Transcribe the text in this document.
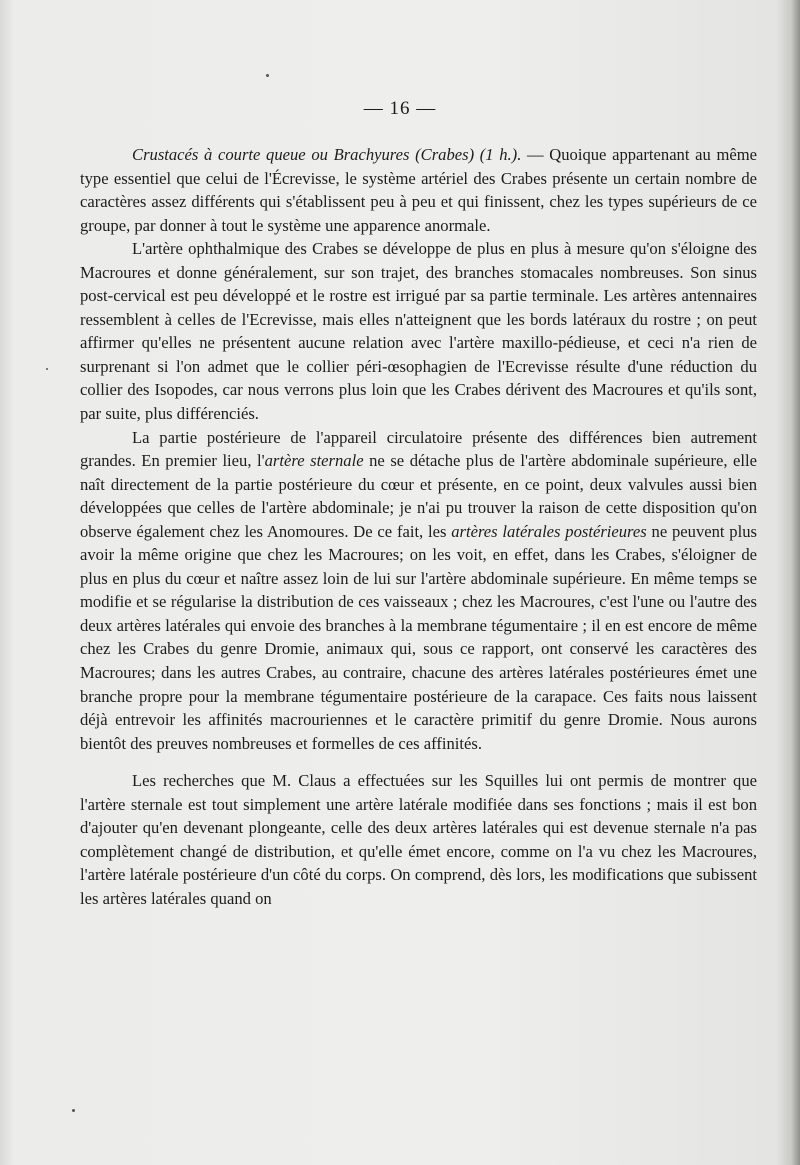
— 16 —

Crustacés à courte queue ou Brachyures (Crabes) (1 h.). — Quoique appartenant au même type essentiel que celui de l'Écrevisse, le système artériel des Crabes présente un certain nombre de caractères assez différents qui s'établissent peu à peu et qui finissent, chez les types supérieurs de ce groupe, par donner à tout le système une apparence anormale.

L'artère ophthalmique des Crabes se développe de plus en plus à mesure qu'on s'éloigne des Macroures et donne généralement, sur son trajet, des branches stomacales nombreuses. Son sinus post-cervical est peu développé et le rostre est irrigué par sa partie terminale. Les artères antennaires ressemblent à celles de l'Ecrevisse, mais elles n'atteignent que les bords latéraux du rostre ; on peut affirmer qu'elles ne présentent aucune relation avec l'artère maxillo-pédieuse, et ceci n'a rien de surprenant si l'on admet que le collier péri-œsophagien de l'Ecrevisse résulte d'une réduction du collier des Isopodes, car nous verrons plus loin que les Crabes dérivent des Macroures et qu'ils sont, par suite, plus différenciés.

La partie postérieure de l'appareil circulatoire présente des différences bien autrement grandes. En premier lieu, l'artère sternale ne se détache plus de l'artère abdominale supérieure, elle naît directement de la partie postérieure du cœur et présente, en ce point, deux valvules aussi bien développées que celles de l'artère abdominale; je n'ai pu trouver la raison de cette disposition qu'on observe également chez les Anomoures. De ce fait, les artères latérales postérieures ne peuvent plus avoir la même origine que chez les Macroures; on les voit, en effet, dans les Crabes, s'éloigner de plus en plus du cœur et naître assez loin de lui sur l'artère abdominale supérieure. En même temps se modifie et se régularise la distribution de ces vaisseaux ; chez les Macroures, c'est l'une ou l'autre des deux artères latérales qui envoie des branches à la membrane tégumentaire ; il en est encore de même chez les Crabes du genre Dromie, animaux qui, sous ce rapport, ont conservé les caractères des Macroures; dans les autres Crabes, au contraire, chacune des artères latérales postérieures émet une branche propre pour la membrane tégumentaire postérieure de la carapace. Ces faits nous laissent déjà entrevoir les affinités macrouriennes et le caractère primitif du genre Dromie. Nous aurons bientôt des preuves nombreuses et formelles de ces affinités.

Les recherches que M. Claus a effectuées sur les Squilles lui ont permis de montrer que l'artère sternale est tout simplement une artère latérale modifiée dans ses fonctions ; mais il est bon d'ajouter qu'en devenant plongeante, celle des deux artères latérales qui est devenue sternale n'a pas complètement changé de distribution, et qu'elle émet encore, comme on l'a vu chez les Macroures, l'artère latérale postérieure d'un côté du corps. On comprend, dès lors, les modifications que subissent les artères latérales quand on
